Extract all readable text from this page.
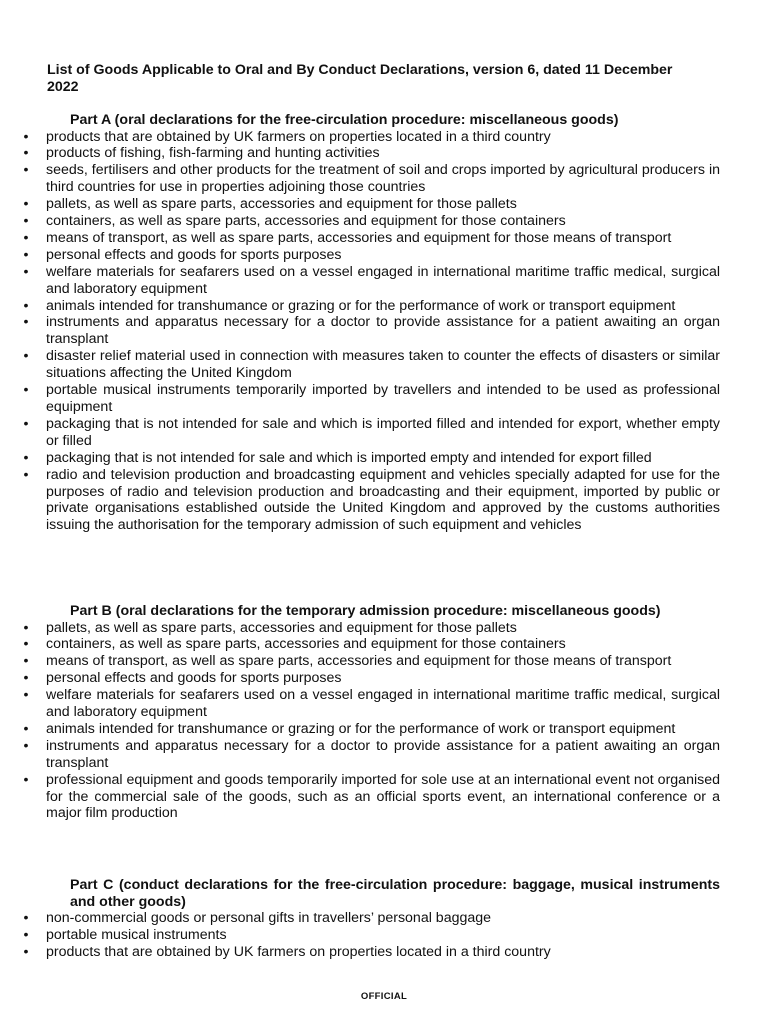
List of Goods Applicable to Oral and By Conduct Declarations, version 6, dated 11 December 2022

Part A (oral declarations for the free-circulation procedure: miscellaneous goods)

• products that are obtained by UK farmers on properties located in a third country
• products of fishing, fish-farming and hunting activities
• seeds, fertilisers and other products for the treatment of soil and crops imported by agricultural producers in third countries for use in properties adjoining those countries
• pallets, as well as spare parts, accessories and equipment for those pallets
• containers, as well as spare parts, accessories and equipment for those containers
• means of transport, as well as spare parts, accessories and equipment for those means of transport
• personal effects and goods for sports purposes
• welfare materials for seafarers used on a vessel engaged in international maritime traffic medical, surgical and laboratory equipment
• animals intended for transhumance or grazing or for the performance of work or transport equipment
• instruments and apparatus necessary for a doctor to provide assistance for a patient awaiting an organ transplant
• disaster relief material used in connection with measures taken to counter the effects of disasters or similar situations affecting the United Kingdom
• portable musical instruments temporarily imported by travellers and intended to be used as professional equipment
• packaging that is not intended for sale and which is imported filled and intended for export, whether empty or filled
• packaging that is not intended for sale and which is imported empty and intended for export filled
• radio and television production and broadcasting equipment and vehicles specially adapted for use for the purposes of radio and television production and broadcasting and their equipment, imported by public or private organisations established outside the United Kingdom and approved by the customs authorities issuing the authorisation for the temporary admission of such equipment and vehicles

Part B (oral declarations for the temporary admission procedure: miscellaneous goods)

• pallets, as well as spare parts, accessories and equipment for those pallets
• containers, as well as spare parts, accessories and equipment for those containers
• means of transport, as well as spare parts, accessories and equipment for those means of transport
• personal effects and goods for sports purposes
• welfare materials for seafarers used on a vessel engaged in international maritime traffic medical, surgical and laboratory equipment
• animals intended for transhumance or grazing or for the performance of work or transport equipment
• instruments and apparatus necessary for a doctor to provide assistance for a patient awaiting an organ transplant
• professional equipment and goods temporarily imported for sole use at an international event not organised for the commercial sale of the goods, such as an official sports event, an international conference or a major film production

Part C (conduct declarations for the free-circulation procedure: baggage, musical instruments and other goods)

• non-commercial goods or personal gifts in travellers’ personal baggage
• portable musical instruments
• products that are obtained by UK farmers on properties located in a third country
OFFICIAL
